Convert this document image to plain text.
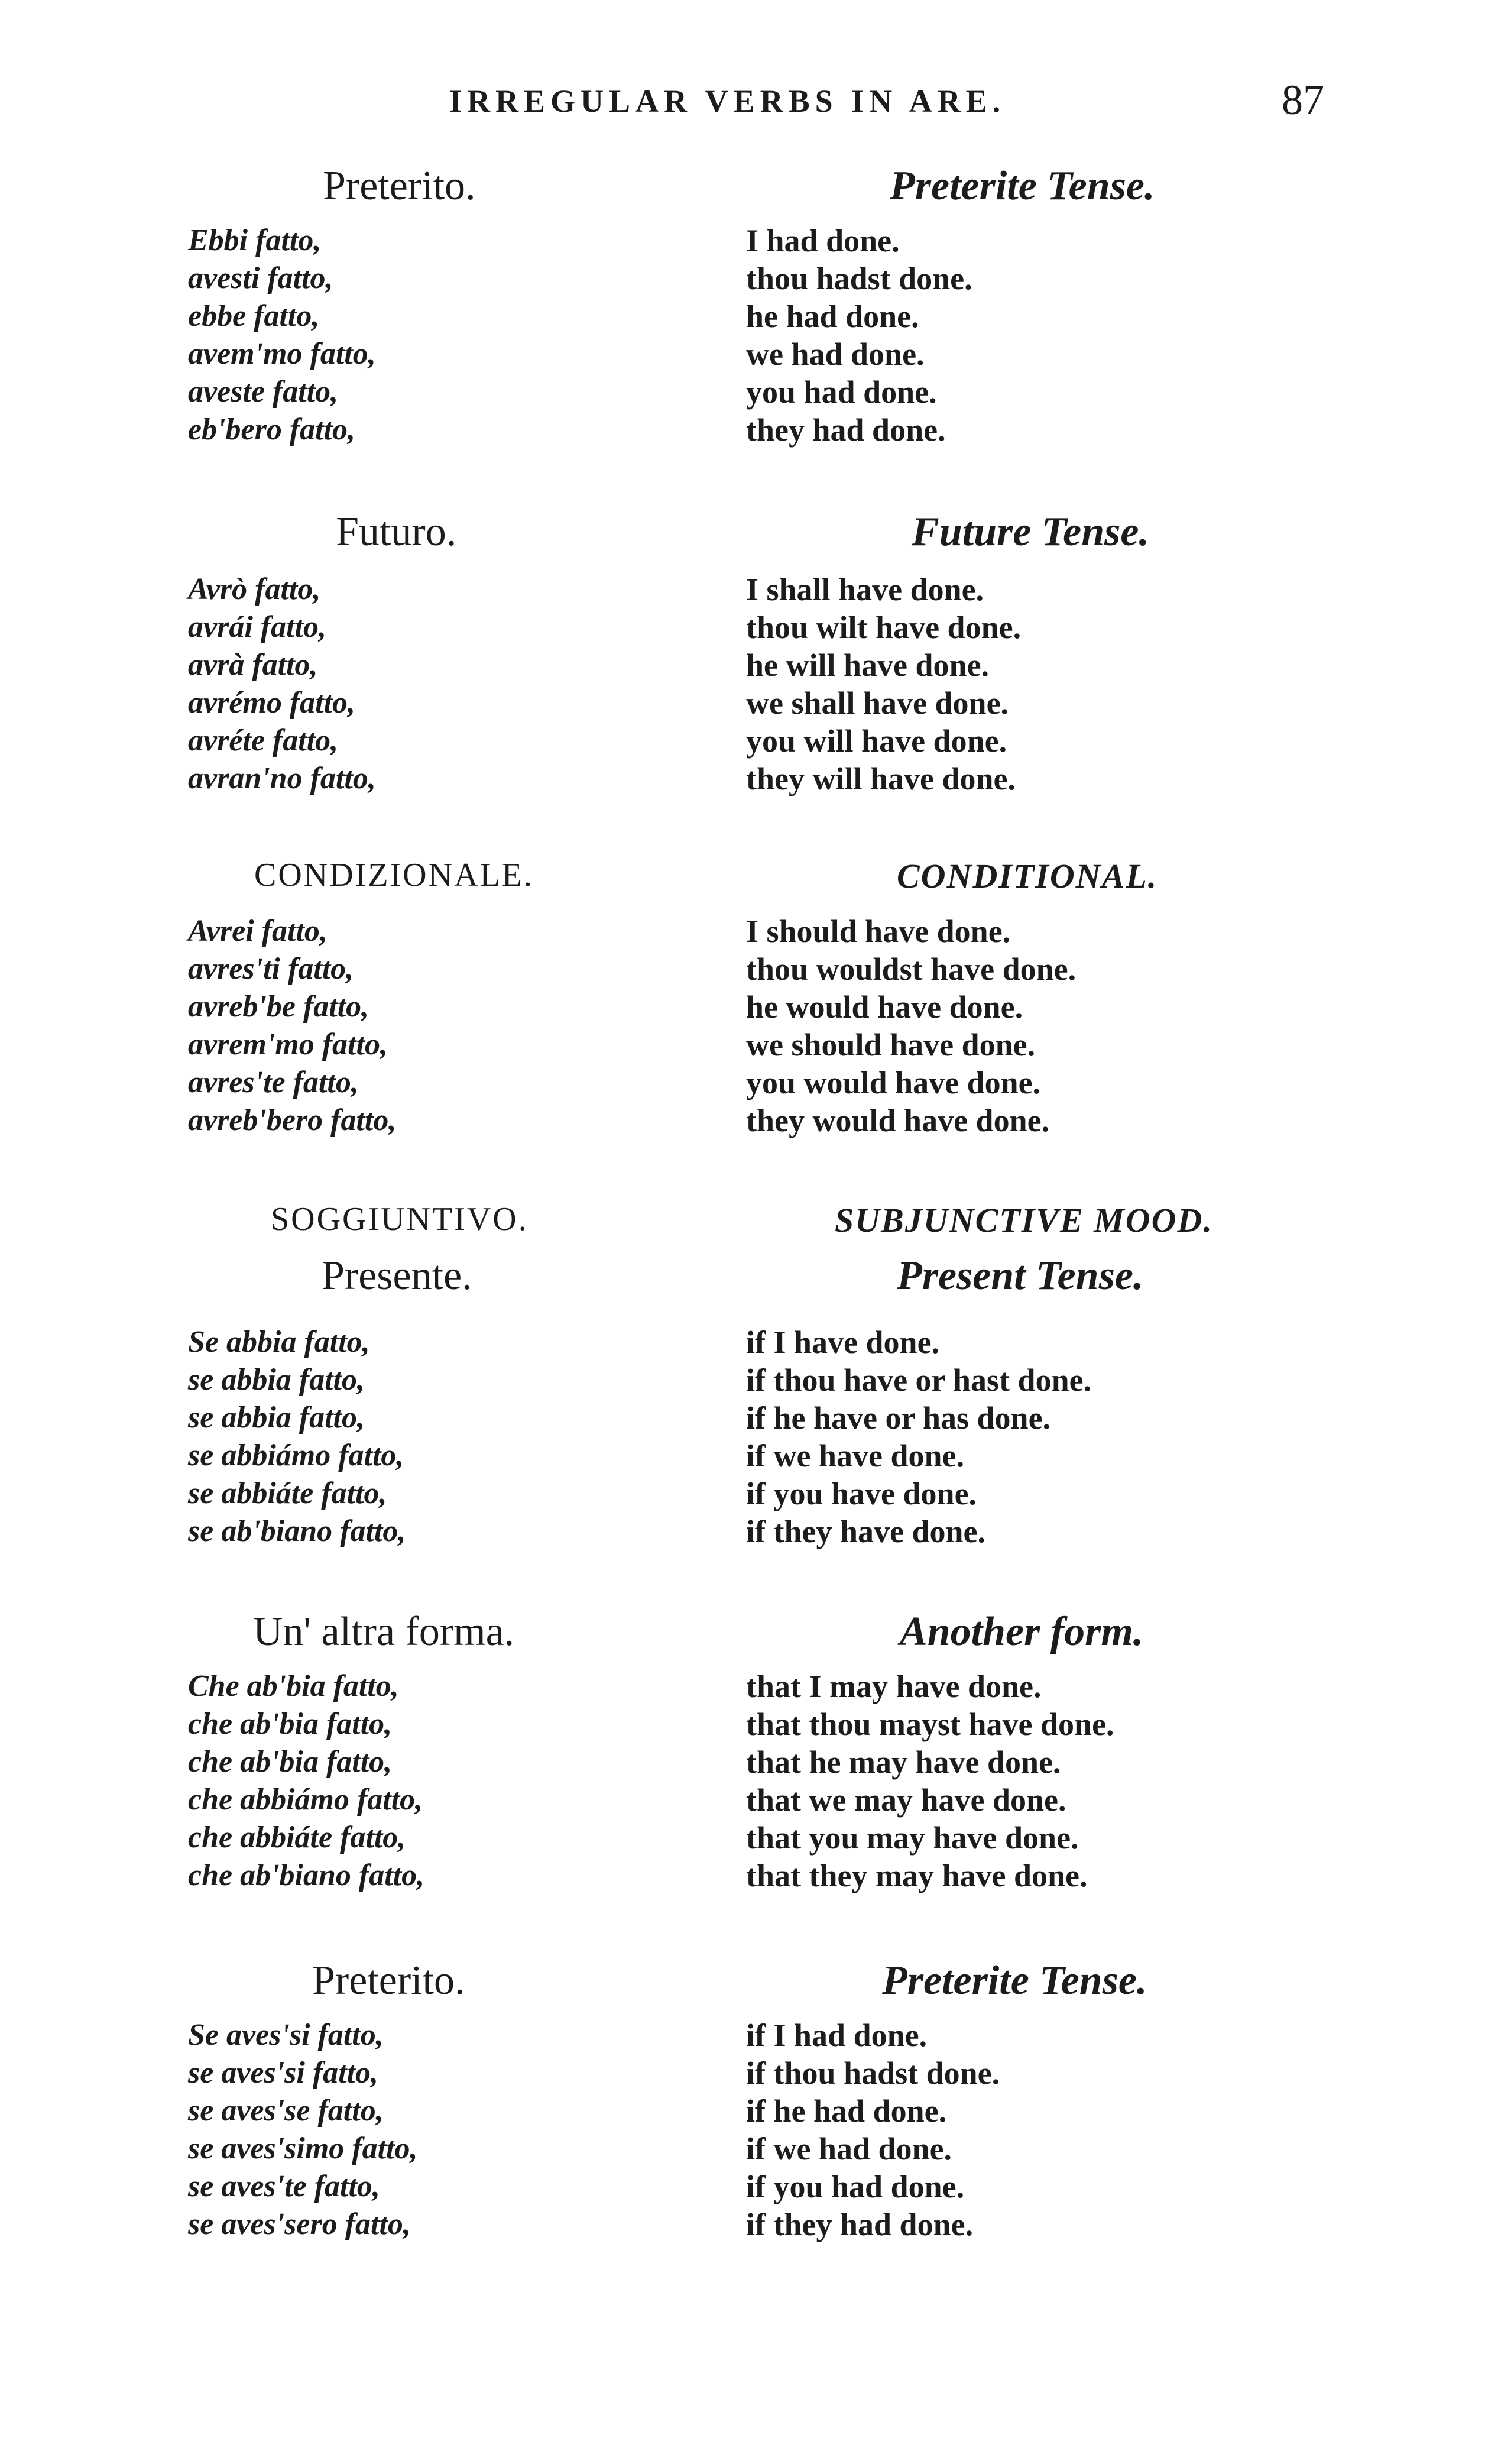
IRREGULAR VERBS IN ARE.	87
Preterito.
Ebbi fatto,
avesti fatto,
ebbe fatto,
avem'mo fatto,
aveste fatto,
eb'bero fatto,
Preterite Tense.
I had done.
thou hadst done.
he had done.
we had done.
you had done.
they had done.
Futuro.
Avrò fatto,
avrái fatto,
avrà fatto,
avrémo fatto,
avréte fatto,
avran'no fatto,
Future Tense.
I shall have done.
thou wilt have done.
he will have done.
we shall have done.
you will have done.
they will have done.
CONDIZIONALE.
Avrei fatto,
avres'ti fatto,
avreb'be fatto,
avrem'mo fatto,
avres'te fatto,
avreb'bero fatto,
CONDITIONAL.
I should have done.
thou wouldst have done.
he would have done.
we should have done.
you would have done.
they would have done.
SOGGIUNTIVO.	SUBJUNCTIVE MOOD.
Presente.
Se abbia fatto,
se abbia fatto,
se abbia fatto,
se abbiámo fatto,
se abbiáte fatto,
se ab'biano fatto,
Present Tense.
if I have done.
if thou have or hast done.
if he have or has done.
if we have done.
if you have done.
if they have done.
Un' altra forma.
Che ab'bia fatto,
che ab'bia fatto,
che ab'bia fatto,
che abbiámo fatto,
che abbiáte fatto,
che ab'biano fatto,
Another form.
that I may have done.
that thou mayst have done.
that he may have done.
that we may have done.
that you may have done.
that they may have done.
Preterito.
Se aves'si fatto,
se aves'si fatto,
se aves'se fatto,
se aves'simo fatto,
se aves'te fatto,
se aves'sero fatto,
Preterite Tense.
if I had done.
if thou hadst done.
if he had done.
if we had done.
if you had done.
if they had done.
